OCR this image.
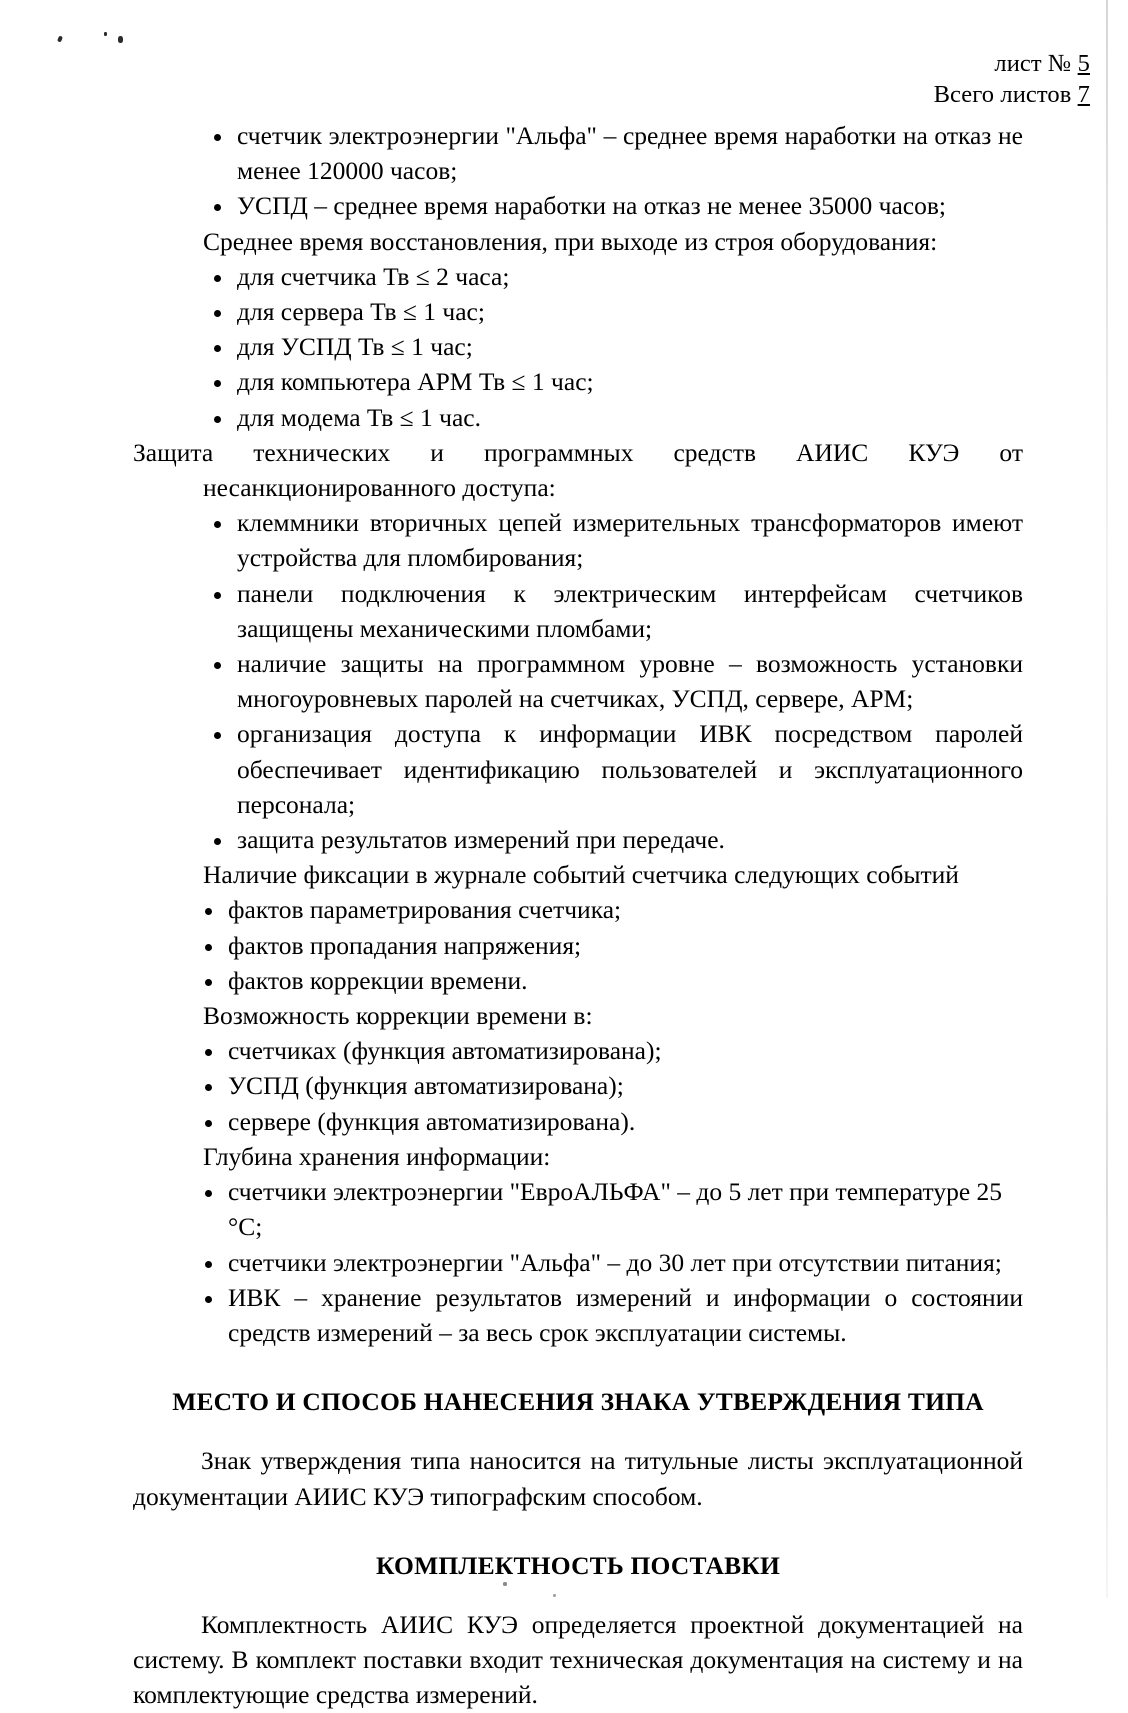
лист № 5
Всего листов 7
счетчик электроэнергии "Альфа" – среднее время наработки на отказ не менее 120000 часов;
УСПД – среднее время наработки на отказ не менее 35000 часов;

Среднее время восстановления, при выходе из строя оборудования:

для счетчика Тв ≤ 2 часа;
для сервера Тв ≤ 1 час;
для УСПД Тв ≤ 1 час;
для компьютера АРМ Тв ≤ 1 час;
для модема Тв ≤ 1 час.

Защита технических и программных средств АИИС КУЭ от несанкционированного доступа:

клеммники вторичных цепей измерительных трансформаторов имеют устройства для пломбирования;
панели подключения к электрическим интерфейсам счетчиков защищены механическими пломбами;
наличие защиты на программном уровне – возможность установки многоуровневых паролей на счетчиках, УСПД, сервере, АРМ;
организация доступа к информации ИВК посредством паролей обеспечивает идентификацию пользователей и эксплуатационного персонала;
защита результатов измерений при передаче.

Наличие фиксации в журнале событий счетчика следующих событий

фактов параметрирования счетчика;
фактов пропадания напряжения;
фактов коррекции времени.

Возможность коррекции времени в:

счетчиках (функция автоматизирована);
УСПД (функция автоматизирована);
сервере (функция автоматизирована).

Глубина хранения информации:

счетчики электроэнергии "ЕвроАЛЬФА" – до 5 лет при температуре 25 °С;
счетчики электроэнергии "Альфа" – до 30 лет при отсутствии питания;
ИВК – хранение результатов измерений и информации о состоянии средств измерений – за весь срок эксплуатации системы.
МЕСТО И СПОСОБ НАНЕСЕНИЯ ЗНАКА УТВЕРЖДЕНИЯ ТИПА

Знак утверждения типа наносится на титульные листы эксплуатационной документации АИИС КУЭ типографским способом.

КОМПЛЕКТНОСТЬ ПОСТАВКИ

Комплектность АИИС КУЭ определяется проектной документацией на систему. В комплект поставки входит техническая документация на систему и на комплектующие средства измерений.
